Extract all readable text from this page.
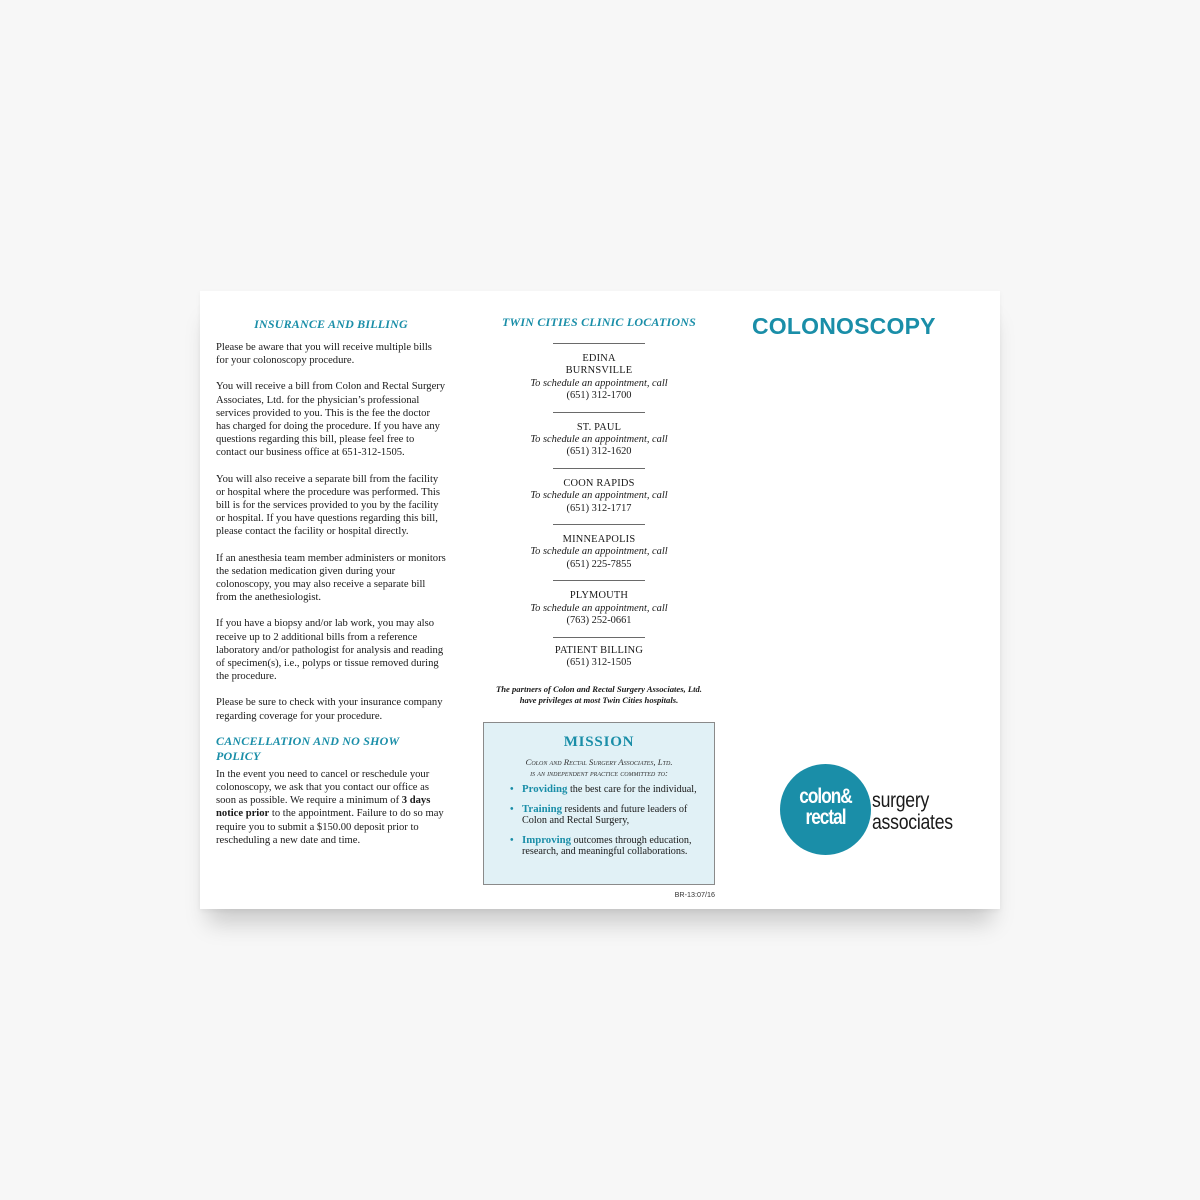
INSURANCE AND BILLING

Please be aware that you will receive multiple bills for your colonoscopy procedure.

You will receive a bill from Colon and Rectal Surgery Associates, Ltd. for the physician’s professional services provided to you. This is the fee the doctor has charged for doing the procedure. If you have any questions regarding this bill, please feel free to contact our business office at 651-312-1505.

You will also receive a separate bill from the facility or hospital where the procedure was performed. This bill is for the services provided to you by the facility or hospital. If you have questions regarding this bill, please contact the facility or hospital directly.

If an anesthesia team member administers or monitors the sedation medication given during your colonoscopy, you may also receive a separate bill from the anethesiologist.

If you have a biopsy and/or lab work, you may also receive up to 2 additional bills from a reference laboratory and/or pathologist for analysis and reading of specimen(s), i.e., polyps or tissue removed during the procedure.

Please be sure to check with your insurance company regarding coverage for your procedure.

CANCELLATION AND NO SHOW POLICY

In the event you need to cancel or reschedule your colonoscopy, we ask that you contact our office as soon as possible. We require a minimum of 3 days notice prior to the appointment. Failure to do so may require you to submit a $150.00 deposit prior to rescheduling a new date and time.

TWIN CITIES CLINIC LOCATIONS
EDINA
BURNSVILLE
To schedule an appointment, call
(651) 312-1700
ST. PAUL
To schedule an appointment, call
(651) 312-1620
COON RAPIDS
To schedule an appointment, call
(651) 312-1717
MINNEAPOLIS
To schedule an appointment, call
(651) 225-7855
PLYMOUTH
To schedule an appointment, call
(763) 252-0661
PATIENT BILLING
(651) 312-1505
The partners of Colon and Rectal Surgery Associates, Ltd.
have privileges at most Twin Cities hospitals.
MISSION
Colon and Rectal Surgery Associates, Ltd.
is an independent practice committed to:
• Providing the best care for the individual,
• Training residents and future leaders of Colon and Rectal Surgery,
• Improving outcomes through education, research, and meaningful collaborations.
BR-13:07/16
COLONOSCOPY
colon&
rectal
surgery
associates
